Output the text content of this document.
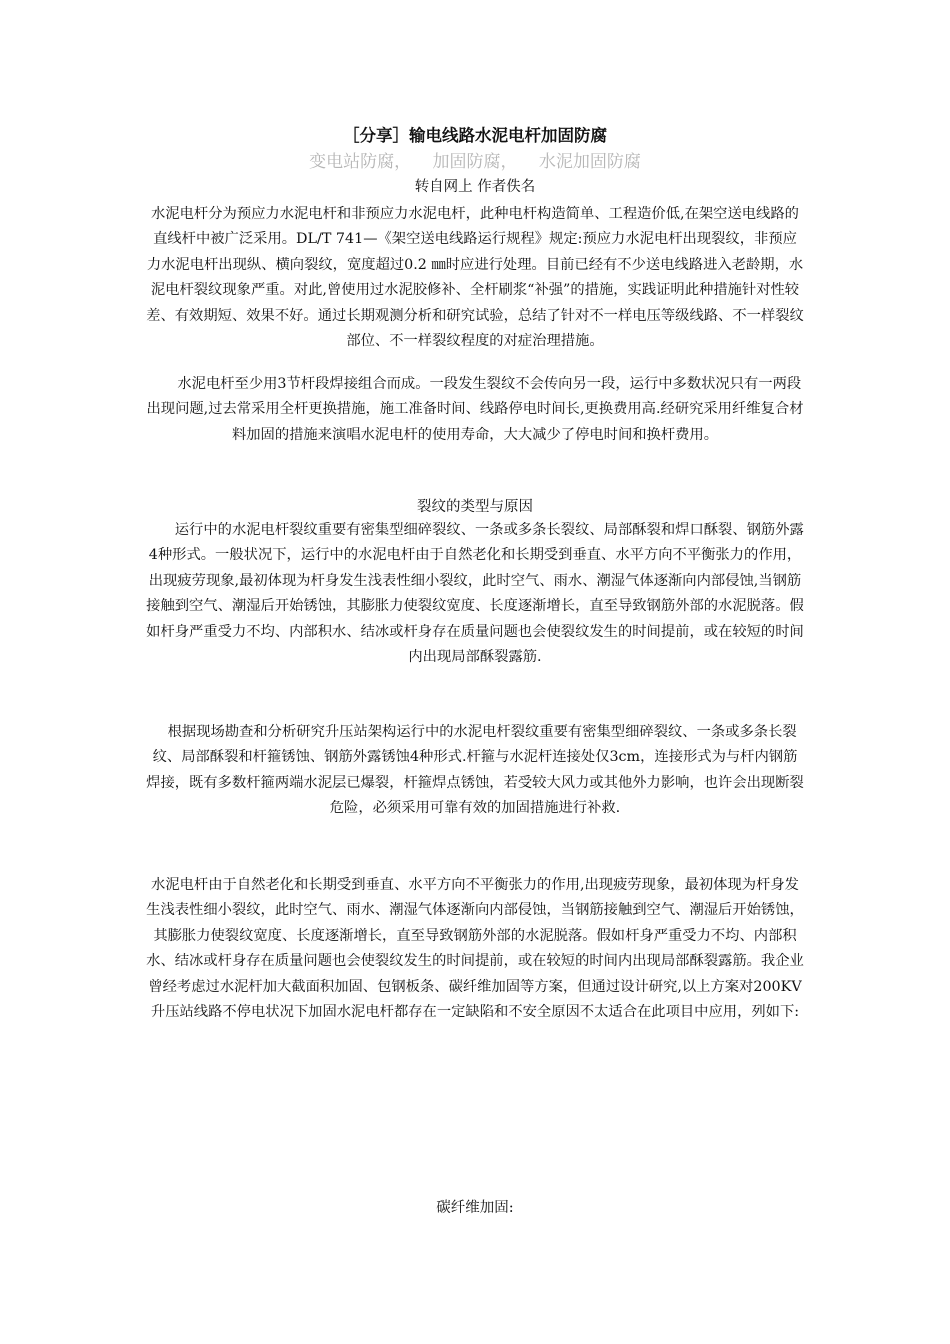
［分享］输电线路水泥电杆加固防腐
变电站防腐， 加固防腐， 水泥加固防腐
转自网上 作者佚名
水泥电杆分为预应力水泥电杆和非预应力水泥电杆，此种电杆构造简单、工程造价低,在架空送电线路的直线杆中被广泛采用。DL/T 741—《架空送电线路运行规程》规定:预应力水泥电杆出现裂纹，非预应力水泥电杆出现纵、横向裂纹，宽度超过0.2 ㎜时应进行处理。目前已经有不少送电线路进入老龄期，水泥电杆裂纹现象严重。对此,曾使用过水泥胶修补、全杆刷浆“补强”的措施，实践证明此种措施针对性较差、有效期短、效果不好。通过长期观测分析和研究试验，总结了针对不一样电压等级线路、不一样裂纹部位、不一样裂纹程度的对症治理措施。
　　水泥电杆至少用3节杆段焊接组合而成。一段发生裂纹不会传向另一段，运行中多数状况只有一两段出现问题,过去常采用全杆更换措施，施工准备时间、线路停电时间长,更换费用高.经研究采用纤维复合材料加固的措施来演唱水泥电杆的使用寿命，大大减少了停电时间和换杆费用。
裂纹的类型与原因
　　运行中的水泥电杆裂纹重要有密集型细碎裂纹、一条或多条长裂纹、局部酥裂和焊口酥裂、钢筋外露4种形式。一般状况下，运行中的水泥电杆由于自然老化和长期受到垂直、水平方向不平衡张力的作用，出现疲劳现象,最初体现为杆身发生浅表性细小裂纹，此时空气、雨水、潮湿气体逐渐向内部侵蚀,当钢筋接触到空气、潮湿后开始锈蚀，其膨胀力使裂纹宽度、长度逐渐增长，直至导致钢筋外部的水泥脱落。假如杆身严重受力不均、内部积水、结冰或杆身存在质量问题也会使裂纹发生的时间提前，或在较短的时间内出现局部酥裂露筋.
　根据现场勘查和分析研究升压站架构运行中的水泥电杆裂纹重要有密集型细碎裂纹、一条或多条长裂纹、局部酥裂和杆箍锈蚀、钢筋外露锈蚀4种形式.杆箍与水泥杆连接处仅3cm，连接形式为与杆内钢筋焊接，既有多数杆箍两端水泥层已爆裂，杆箍焊点锈蚀，若受较大风力或其他外力影响，也许会出现断裂危险，必须采用可靠有效的加固措施进行补救.
水泥电杆由于自然老化和长期受到垂直、水平方向不平衡张力的作用,出现疲劳现象，最初体现为杆身发生浅表性细小裂纹，此时空气、雨水、潮湿气体逐渐向内部侵蚀，当钢筋接触到空气、潮湿后开始锈蚀，其膨胀力使裂纹宽度、长度逐渐增长，直至导致钢筋外部的水泥脱落。假如杆身严重受力不均、内部积水、结冰或杆身存在质量问题也会使裂纹发生的时间提前，或在较短的时间内出现局部酥裂露筋。我企业曾经考虑过水泥杆加大截面积加固、包钢板条、碳纤维加固等方案，但通过设计研究,以上方案对200KV升压站线路不停电状况下加固水泥电杆都存在一定缺陷和不安全原因不太适合在此项目中应用，列如下:
碳纤维加固:
